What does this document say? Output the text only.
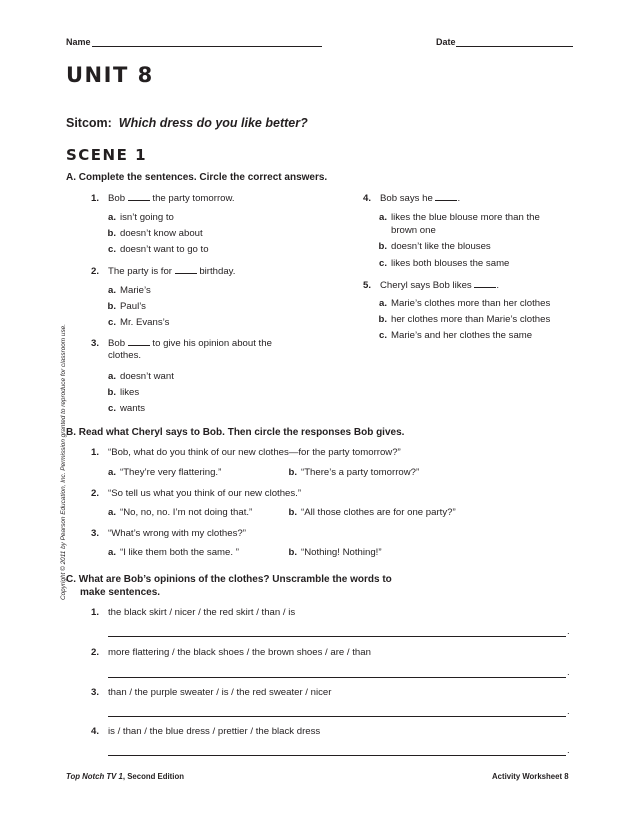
Name	Date
UNIT 8
Sitcom: Which dress do you like better?
SCENE 1
A. Complete the sentences. Circle the correct answers.
1. Bob	the party tomorrow.
a. isn’t going to
b. doesn’t know about
c. doesn’t want to go to
2. The party is for	birthday.
a. Marie’s
b. Paul’s
c. Mr. Evans’s
3. Bob	to give his opinion about the
clothes.
a. doesn’t want
b. likes
c. wants
4. Bob says he	.
a. likes the blue blouse more than the
brown one
b. doesn’t like the blouses
c. likes both blouses the same
5. Cheryl says Bob likes	.
a. Marie’s clothes more than her clothes
b. her clothes more than Marie’s clothes
c. Marie’s and her clothes the same
B. Read what Cheryl says to Bob. Then circle the responses Bob gives.
1. “Bob, what do you think of our new clothes—for the party tomorrow?”
a. “They’re very flattering.”	b. “There’s a party tomorrow?”
2. “So tell us what you think of our new clothes.”
a. “No, no, no. I’m not doing that.”	b. “All those clothes are for one party?”
3. “What’s wrong with my clothes?”
a. “I like them both the same. ”	b. “Nothing! Nothing!”
C. What are Bob’s opinions of the clothes? Unscramble the words to
make sentences.
1. the black skirt / nicer / the red skirt / than / is
.
2. more flattering / the black shoes / the brown shoes / are / than
.
3. than / the purple sweater / is / the red sweater / nicer
.
4. is / than / the blue dress / prettier / the black dress
.
Copyright © 2011 by Pearson Education, Inc. Permission granted to reproduce for classroom use.
Top Notch TV 1, Second Edition	Activity Worksheet 8
